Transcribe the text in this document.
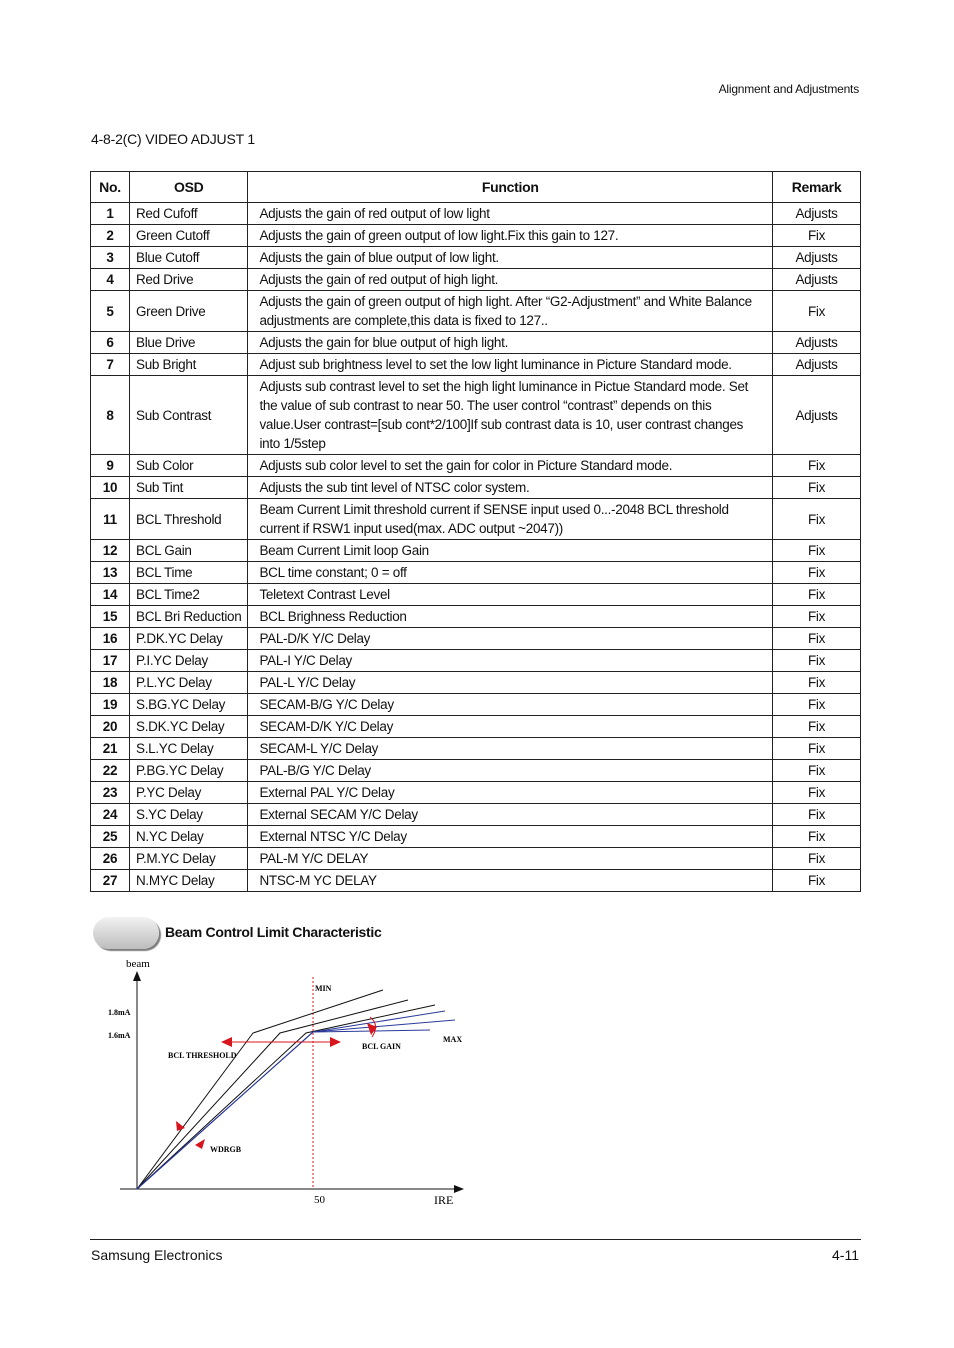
Alignment and Adjustments
4-8-2(C) VIDEO ADJUST 1
No.	OSD	Function	Remark
1	Red Cufoff	Adjusts the gain of red output of low light	Adjusts
2	Green Cutoff	Adjusts the gain of green output of low light.Fix this gain to 127.	Fix
3	Blue Cutoff	Adjusts the gain of blue output of low light.	Adjusts
4	Red Drive	Adjusts the gain of red output of high light.	Adjusts
5	Green Drive	Adjusts the gain of green output of high light. After “G2-Adjustment” and White Balance adjustments are complete,this data is fixed to 127..	Fix
6	Blue Drive	Adjusts the gain for blue output of high light.	Adjusts
7	Sub Bright	Adjust sub brightness level to set the low light luminance in Picture Standard mode.	Adjusts
8	Sub Contrast	Adjusts sub contrast level to set the high light luminance in Pictue Standard mode. Set the value of sub contrast to near 50. The user control “contrast” depends on this value.User contrast=[sub cont*2/100]If sub contrast data is 10, user contrast changes into 1/5step	Adjusts
9	Sub Color	Adjusts sub color level to set the gain for color in Picture Standard mode.	Fix
10	Sub Tint	Adjusts the sub tint level of NTSC color system.	Fix
11	BCL Threshold	Beam Current Limit threshold current if SENSE input used 0...-2048 BCL threshold current if RSW1 input used(max. ADC output ~2047))	Fix
12	BCL Gain	Beam Current Limit loop Gain	Fix
13	BCL Time	BCL time constant; 0 = off	Fix
14	BCL Time2	Teletext Contrast Level	Fix
15	BCL Bri Reduction	BCL Brighness Reduction	Fix
16	P.DK.YC Delay	PAL-D/K Y/C Delay	Fix
17	P.I.YC Delay	PAL-I Y/C Delay	Fix
18	P.L.YC Delay	PAL-L Y/C Delay	Fix
19	S.BG.YC Delay	SECAM-B/G Y/C Delay	Fix
20	S.DK.YC Delay	SECAM-D/K Y/C Delay	Fix
21	S.L.YC Delay	SECAM-L Y/C Delay	Fix
22	P.BG.YC Delay	PAL-B/G Y/C Delay	Fix
23	P.YC Delay	External PAL Y/C Delay	Fix
24	S.YC Delay	External SECAM Y/C Delay	Fix
25	N.YC Delay	External NTSC Y/C Delay	Fix
26	P.M.YC Delay	PAL-M Y/C DELAY	Fix
27	N.MYC Delay	NTSC-M YC DELAY	Fix
Beam Control Limit Characteristic
beam
IRE
1.8mA
1.6mA
50
MIN
MAX
BCL THRESHOLD
BCL GAIN
WDRGB
Samsung Electronics	4-11
